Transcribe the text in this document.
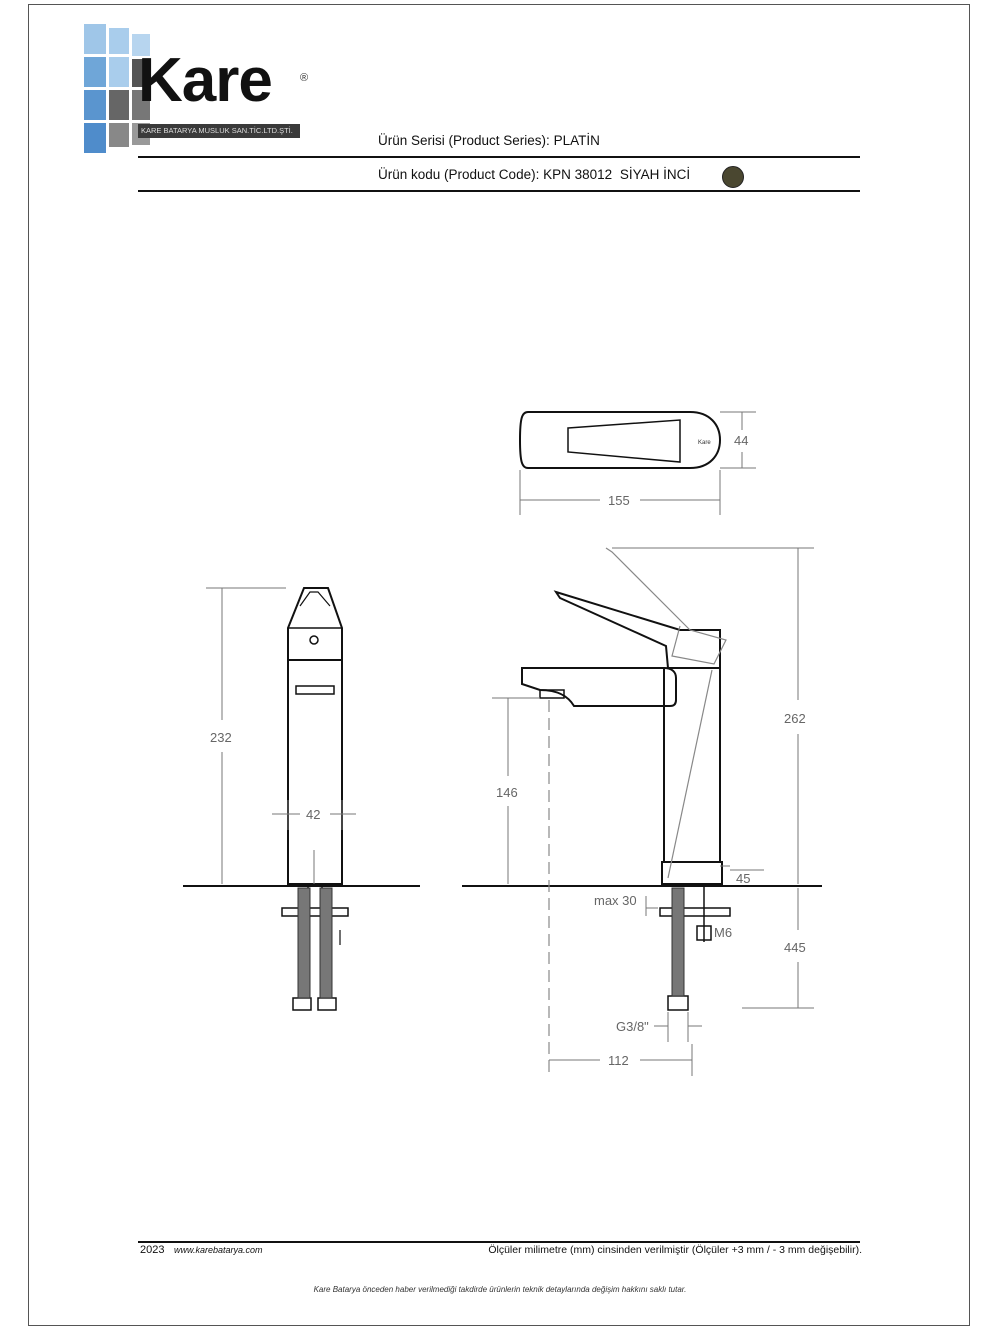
Kare	®
KARE BATARYA MUSLUK SAN.TİC.LTD.ŞTİ.
Ürün Serisi (Product Series): PLATİN
Ürün kodu (Product Code): KPN 38012 SİYAH İNCİ
Kare 44
155
232
42
262
146
45
max 30
M6
445
G3/8"
112
2023 www.karebatarya.com	Ölçüler milimetre (mm) cinsinden verilmiştir (Ölçüler +3 mm / - 3 mm değişebilir).
Kare Batarya önceden haber verilmediği takdirde ürünlerin teknik detaylarında değişim hakkını saklı tutar.
